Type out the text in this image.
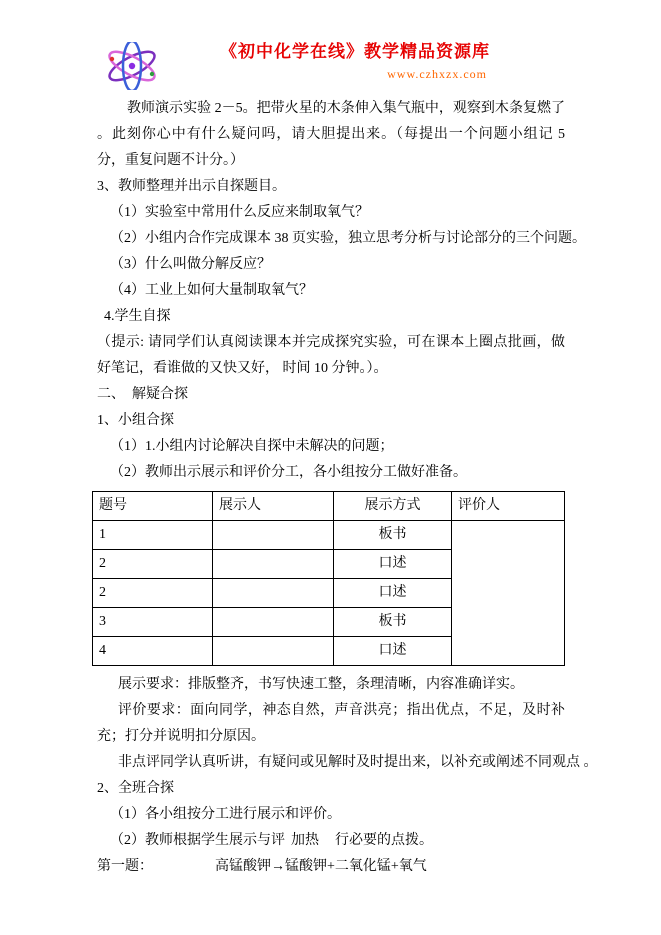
《初中化学在线》教学精品资源库
www.czhxzx.com

教师演示实验 2－5。把带火星的木条伸入集气瓶中，观察到木条复燃了 。此刻你心中有什么疑问吗，请大胆提出来。（每提出一个问题小组记 5 分，重复问题不计分。）

3、教师整理并出示自探题目。

（1）实验室中常用什么反应来制取氧气？

（2）小组内合作完成课本 38 页实验，独立思考分析与讨论部分的三个问题。

（3）什么叫做分解反应？

（4）工业上如何大量制取氧气？

4.学生自探

（提示: 请同学们认真阅读课本并完成探究实验，可在课本上圈点批画，做好笔记，看谁做的又快又好， 时间 10 分钟。）。

二、　解疑合探

1、小组合探

（1）1.小组内讨论解决自探中未解决的问题；

（2）教师出示展示和评价分工，各小组按分工做好准备。

题号	展示人	展示方式	评价人
1		板书	
2		口述	
2		口述	
3		板书	
4		口述	

展示要求：排版整齐，书写快速工整，条理清晰，内容准确详实。

评价要求：面向同学，神态自然，声音洪亮；指出优点，不足，及时补充；打分并说明扣分原因。

非点评同学认真听讲，有疑问或见解时及时提出来，以补充或阐述不同观点 。

2、全班合探

（1）各小组按分工进行展示和评价。

（2）教师根据学生展示与评 加热 行必要的点拨。

第一题：	高锰酸钾→锰酸钾+二氧化锰+氧气
